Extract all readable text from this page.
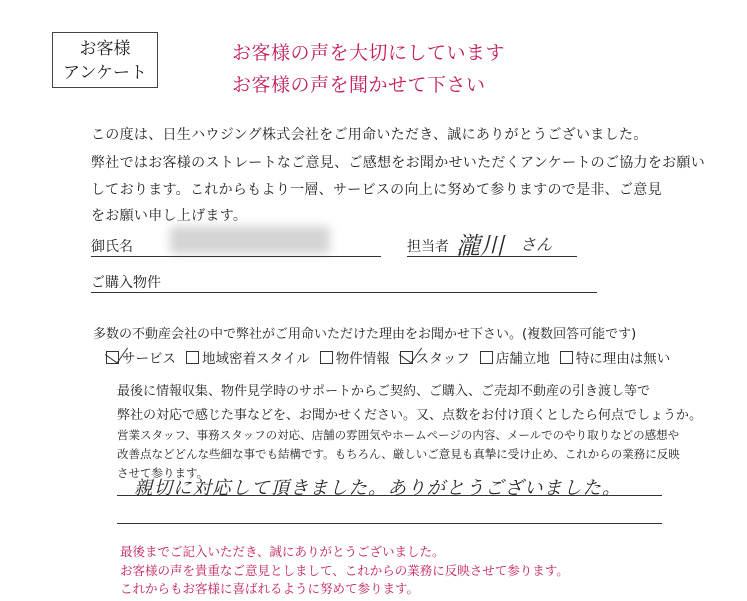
お客様
アンケート
お客様の声を大切にしています
お客様の声を聞かせて下さい
この度は、日生ハウジング株式会社をご用命いただき、誠にありがとうございました。
弊社ではお客様のストレートなご意見、ご感想をお聞かせいただくアンケートのご協力をお願い
しております。これからもより一層、サービスの向上に努めて参りますので是非、ご意見
をお願い申し上げます。
御氏名	担当者 瀧川 さん
ご購入物件
多数の不動産会社の中で弊社がご用命いただけた理由をお聞かせ下さい。(複数回答可能です)
サービス 地域密着スタイル 物件情報 スタッフ 店舗立地 特に理由は無い
最後に情報収集、物件見学時のサポートからご契約、ご購入、ご売却不動産の引き渡し等で
弊社の対応で感じた事などを、お聞かせください。又、点数をお付け頂くとしたら何点でしょうか。
営業スタッフ、事務スタッフの対応、店舗の雰囲気やホームページの内容、メールでのやり取りなどの感想や
改善点などどんな些細な事でも結構です。もちろん、厳しいご意見も真摯に受け止め、これからの業務に反映
させて参ります。
親切に対応して頂きました。ありがとうございました。
最後までご記入いただき、誠にありがとうございました。
お客様の声を貴重なご意見としまして、これからの業務に反映させて参ります。
これからもお客様に喜ばれるように努めて参ります。
